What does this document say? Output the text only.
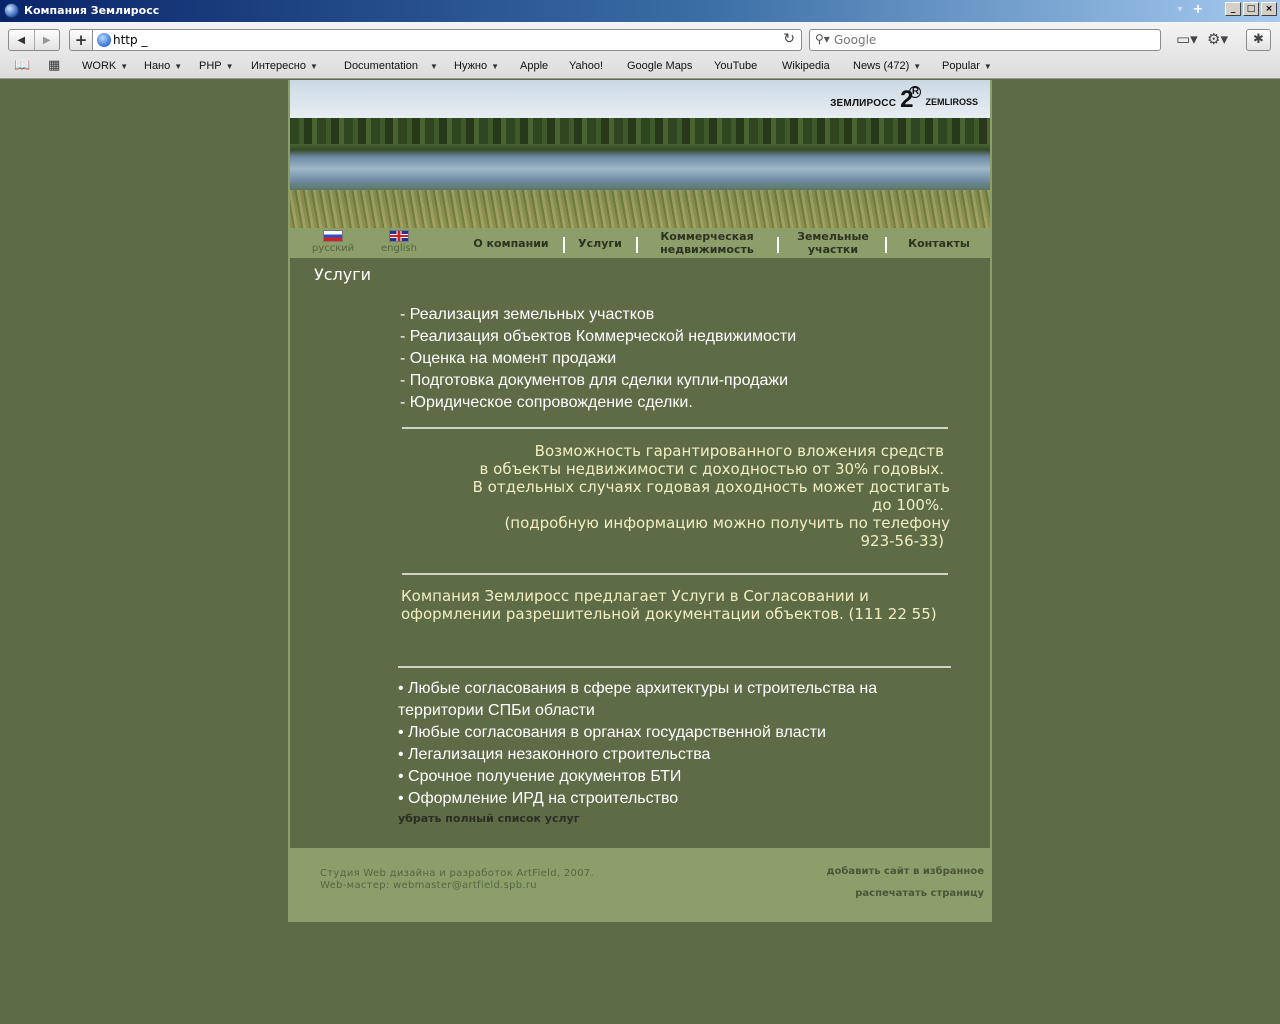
Компания Землиросс	▾ +	_	□	×
◀	▶	+	http _	↻ ⚲▾
Google	▭▾ ⚙▾	✱
📖 ▦ WORK ▼ Нано ▼ PHP ▼ Интересно ▼ Documentation ▼ Нужно ▼ Apple Yahoo! Google Maps YouTube Wikipedia News (472) ▼ Popular ▼
ЗЕМЛИРОСС 2
R
ZEMLIROSS
русский	english	О компании	Услуги	Коммерческая
недвижимость
Земельные
участки	Контакты
Услуги
- Реализация земельных участков
- Реализация объектов Коммерческой недвижимости
- Оценка на момент продажи
- Подготовка документов для сделки купли-продажи
- Юридическое сопровождение сделки.
Возможность гарантированного вложения средств
в объекты недвижимости с доходностью от 30% годовых.
В отдельных случаях годовая доходность может достигать
до 100%.
(подробную информацию можно получить по телефону
923-56-33)
Компания Землиросс предлагает Услуги в Согласовании и оформлении разрешительной документации объектов. (111 22 55)
• Любые согласования в сфере архитектуры и строительства на территории СПБи области
• Любые согласования в органах государственной власти
• Легализация незаконного строительства
• Срочное получение документов БТИ
• Оформление ИРД на строительство
убрать полный список услуг
Студия Web дизайна и разработок ArtField, 2007.
Web-мастер: webmaster@artfield.spb.ru
добавить сайт в избранное
распечатать страницу
